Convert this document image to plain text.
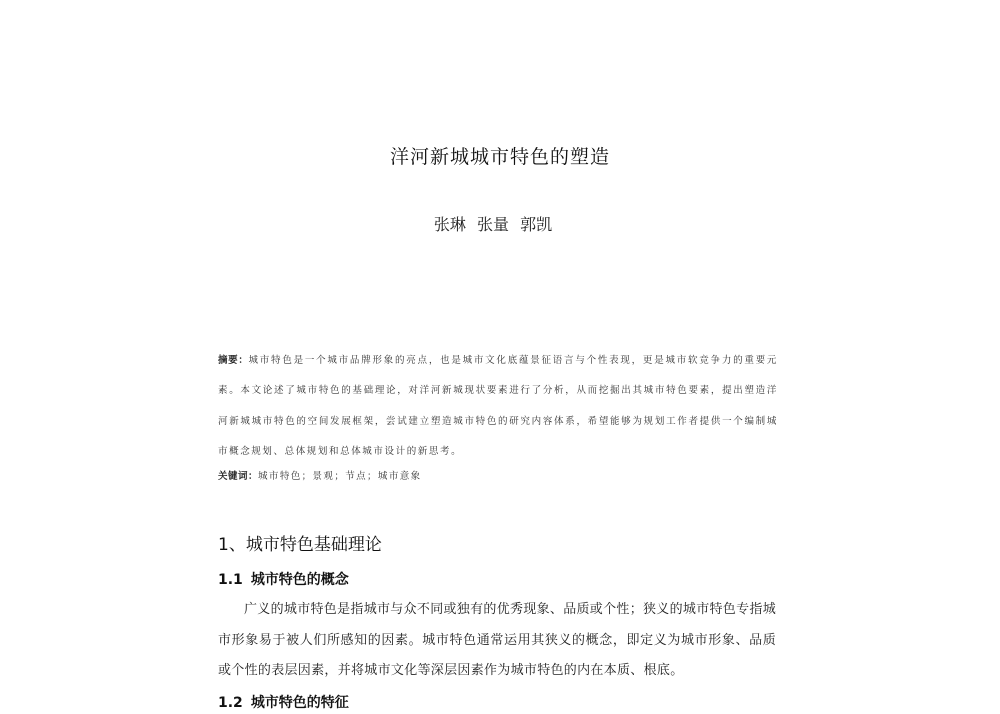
洋河新城城市特色的塑造
张琳 张量 郭凯
摘要：城市特色是一个城市品牌形象的亮点，也是城市文化底蕴景征语言与个性表现，更是城市软竞争力的重要元素。本文论述了城市特色的基础理论，对洋河新城现状要素进行了分析，从而挖掘出其城市特色要素，提出塑造洋河新城城市特色的空间发展框架，尝试建立塑造城市特色的研究内容体系，希望能够为规划工作者提供一个编制城市概念规划、总体规划和总体城市设计的新思考。
关键词：城市特色；景观；节点；城市意象
1、城市特色基础理论
1.1 城市特色的概念
广义的城市特色是指城市与众不同或独有的优秀现象、品质或个性；狭义的城市特色专指城市形象易于被人们所感知的因素。城市特色通常运用其狭义的概念，即定义为城市形象、品质或个性的表层因素，并将城市文化等深层因素作为城市特色的内在本质、根底。
1.2 城市特色的特征
